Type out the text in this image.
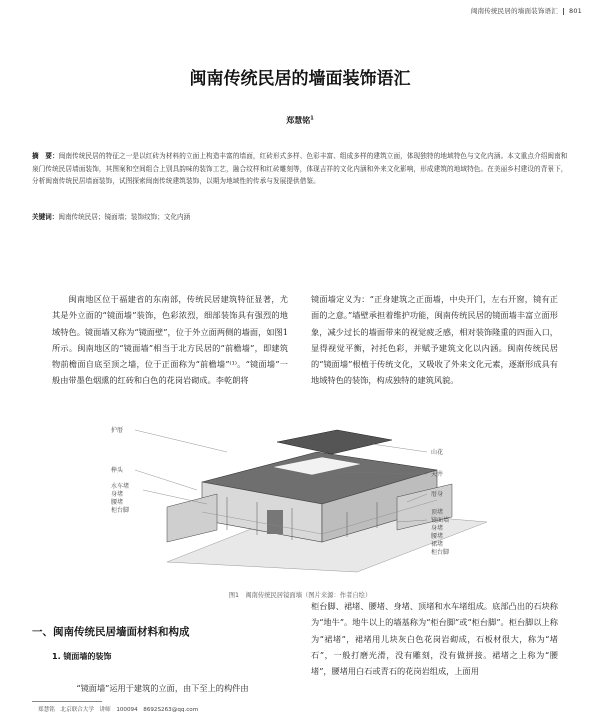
闽南传统民居的墙面装饰语汇 801
闽南传统民居的墙面装饰语汇
郑慧铭$^1$
摘　要：闽南传统民居的特征之一是以红砖为材料的立面上构造丰富的墙面，红砖形式多样、色彩丰富、组成多样的建筑立面，体现独特的地域特色与文化内涵。本文重点介绍闽南和泉门传统民居墙面装饰，其图案和空间组合上别具韵味的装饰工艺，融合纹样和红砖雕刻等，体现吉祥的文化内涵和外来文化影响，形成建筑的地域特色。在美丽乡村建设的背景下，分析闽南传统民居墙面装饰，试图探索闽南传统建筑装饰，以期为地域性的传承与发展提供借鉴。
关键词：闽南传统民居；镜面墙；装饰纹饰；文化内涵
闽南地区位于福建省的东南部，传统民居建筑特征显著，尤其是外立面的“镜面墙”装饰，色彩浓烈，细部装饰具有强烈的地域特色。镜面墙又称为“镜面壁”，位于外立面两侧的墙面，如图1所示。闽南地区的“镜面墙”相当于北方民居的“前檐墙”，即建筑物前檐面自底至顶之墙，位于正面称为“前檐墙”⁽¹⁾。“镜面墙”一般由带墨色烟熏的红砖和白色的花岗岩砌成。李乾朗将
镜面墙定义为：“正身建筑之正面墙，中央开门，左右开窗，镜有正面的之意。”墙壁承担着维护功能，闽南传统民居的镜面墙丰富立面形象，减少过长的墙面带来的视觉疲乏感，相对装饰隆重的四面入口，显得视觉平衡，衬托色彩，并赋予建筑文化以内涵。闽南传统民居的“镜面墙”根植于传统文化，又吸收了外来文化元素，逐渐形成具有地域特色的装饰，构成独特的建筑风貌。
护厝
榉头
水车堵
身堵
腰堵
柜台脚
山花
天井
厝身
顶堵
镜面墙
身堵
腰堵
裙堵
柜台脚
图1　闽南传统民居镜面墙（图片来源：作者自绘）
一、闽南传统民居墙面材料和构成
1. 镜面墙的装饰
“镜面墙”运用于建筑的立面，由下至上的构件由
柜台脚、裙堵、腰堵、身堵、顶堵和水车堵组成。底部凸出的石块称为“地牛”。地牛以上的墙基称为“柜台脚”或“柜台脚”。柜台脚以上称为“裙堵”，裙堵用儿块灰白色花岗岩砌成，石板材很大，称为“堵石”，一般打磨光滑，没有雕刻，没有做拼接。裙堵之上称为“腰堵”，腰堵用白石或青石的花岗岩组成，上面用
郑慧铭　北京联合大学　讲师　100094　8692S263@qq.com
